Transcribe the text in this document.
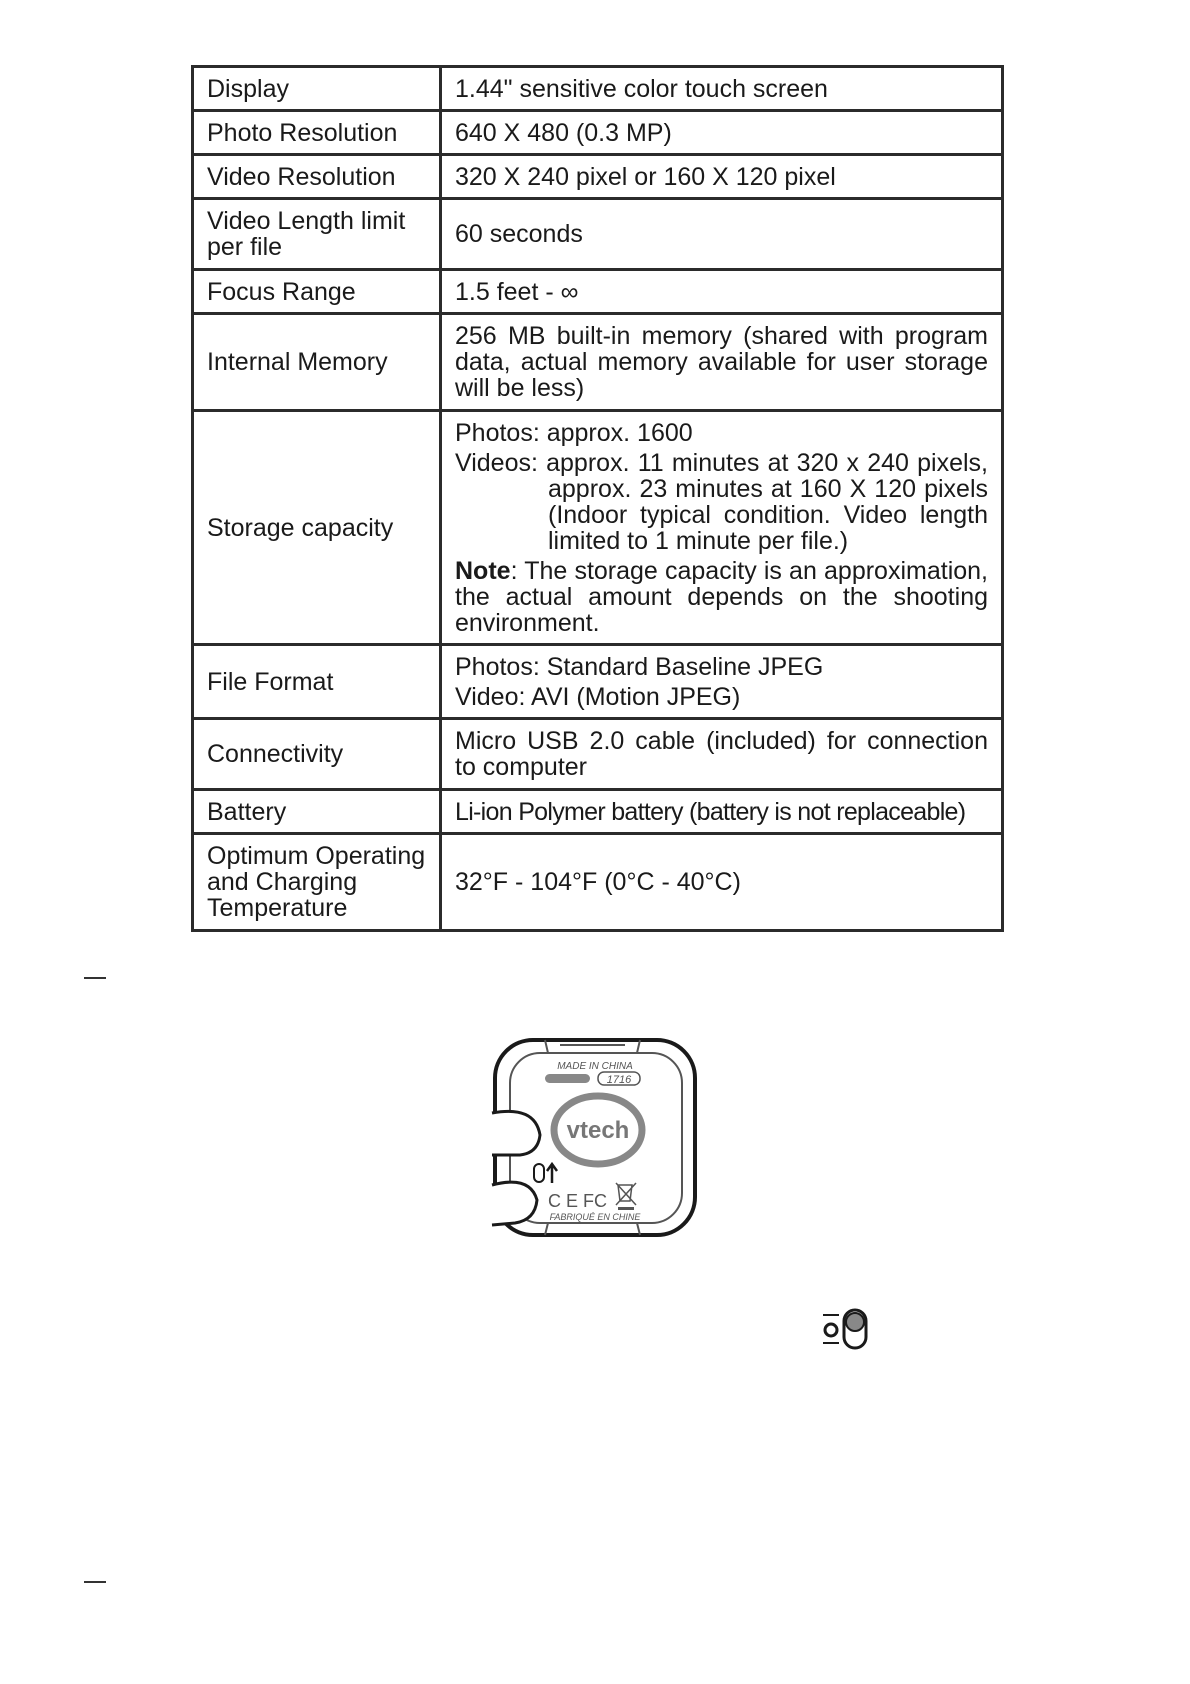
Display	1.44" sensitive color touch screen
Photo Resolution	640 X 480 (0.3 MP)
Video Resolution	320 X 240 pixel or 160 X 120 pixel
Video Length limit per file	60 seconds
Focus Range	1.5 feet - ∞
Internal Memory	256 MB built-in memory (shared with program data, actual memory available for user storage will be less)
Storage capacity	Photos: approx. 1600
Videos: approx. 11 minutes at 320 x 240 pixels, approx. 23 minutes at 160 X 120 pixels (Indoor typical condition. Video length limited to 1 minute per file.)
Note: The storage capacity is an approximation, the actual amount depends on the shooting environment.

File Format	Photos: Standard Baseline JPEG
Video: AVI (Motion JPEG)

Connectivity	Micro USB 2.0 cable (included) for connection to computer
Battery	Li-ion Polymer battery (battery is not replaceable)
Optimum Operating and Charging Temperature	32°F - 104°F (0°C - 40°C)
MADE IN CHINA
1716
vtech
C E FC
FABRIQUÉ EN CHINE
